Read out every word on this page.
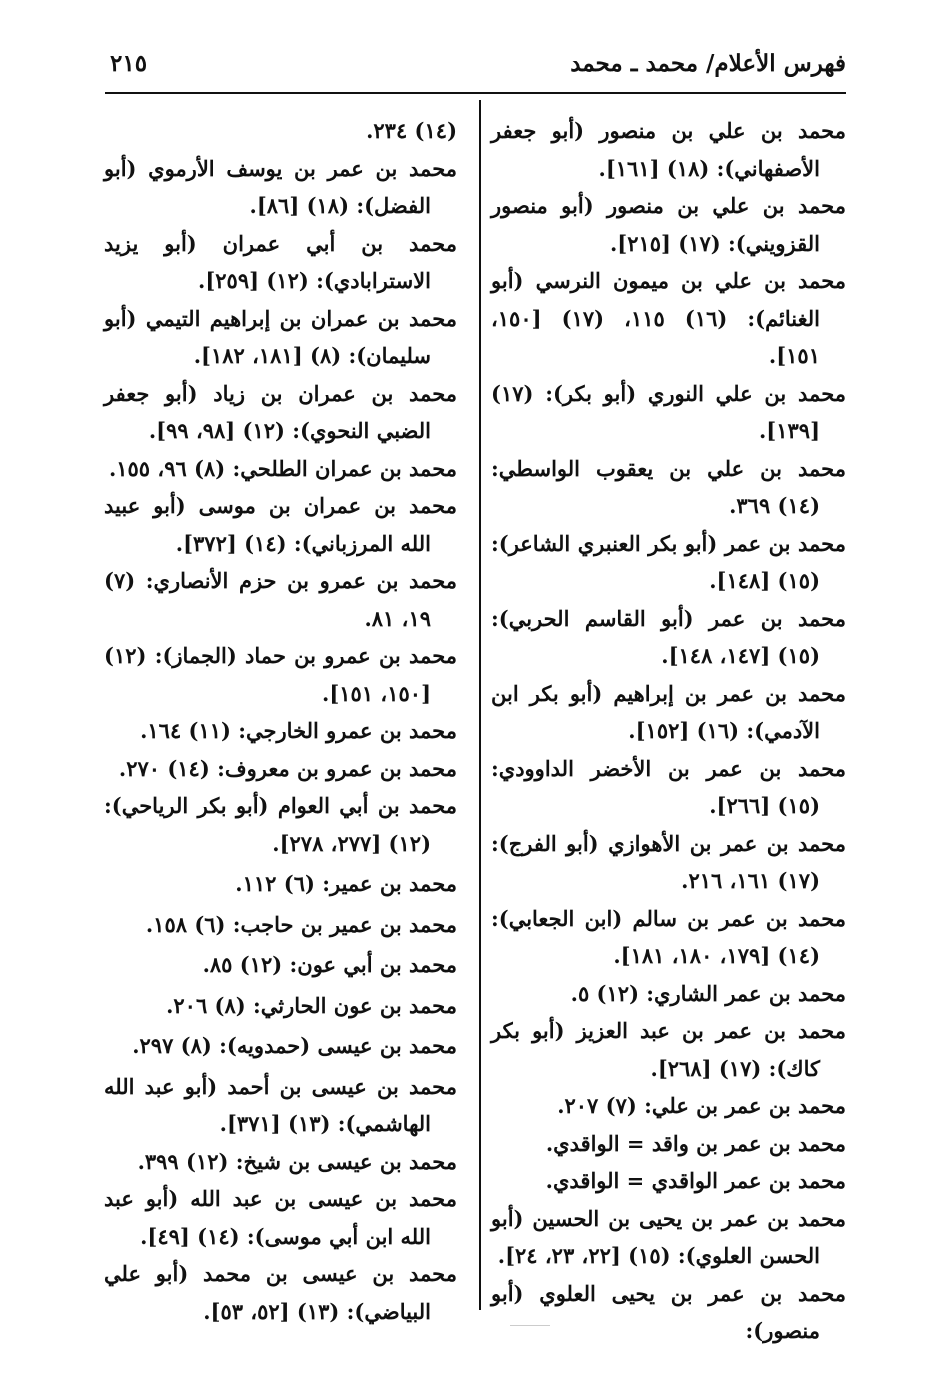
فهرس الأعلام/ محمد ـ محمد
٢١٥
محمد بن علي بن منصور (أبو جعفر الأصفهاني): (١٨) [١٦١].
محمد بن علي بن منصور (أبو منصور القزويني): (١٧) [٢١٥].
محمد بن علي بن ميمون النرسي (أبو الغنائم): (١٦) ١١٥، (١٧) [١٥٠، ١٥١].
محمد بن علي النوري (أبو بكر): (١٧) [١٣٩].
محمد بن علي بن يعقوب الواسطي: (١٤) ٣٦٩.
محمد بن عمر (أبو بكر العنبري الشاعر): (١٥) [١٤٨].
محمد بن عمر (أبو القاسم الحربي): (١٥) [١٤٧، ١٤٨].
محمد بن عمر بن إبراهيم (أبو بكر ابن الآدمي): (١٦) [١٥٢].
محمد بن عمر بن الأخضر الداوودي: (١٥) [٢٦٦].
محمد بن عمر بن الأهوازي (أبو الفرج): (١٧) ١٦١، ٢١٦.
محمد بن عمر بن سالم (ابن الجعابي): (١٤) [١٧٩، ١٨٠، ١٨١].
محمد بن عمر الشاري: (١٢) ٥.
محمد بن عمر بن عبد العزيز (أبو بكر كاك): (١٧) [٢٦٨].
محمد بن عمر بن علي: (٧) ٢٠٧.
محمد بن عمر بن واقد = الواقدي.
محمد بن عمر الواقدي = الواقدي.
محمد بن عمر بن يحيى بن الحسين (أبو الحسن العلوي): (١٥) [٢٢، ٢٣، ٢٤].
محمد بن عمر بن يحيى العلوي (أبو منصور):
(١٤) ٢٣٤.
محمد بن عمر بن يوسف الأرموي (أبو الفضل): (١٨) [٨٦].
محمد بن أبي عمران (أبو يزيد الاسترابادي): (١٢) [٢٥٩].
محمد بن عمران بن إبراهيم التيمي (أبو سليمان): (٨) [١٨١، ١٨٢].
محمد بن عمران بن زياد (أبو جعفر الضبي النحوي): (١٢) [٩٨، ٩٩].
محمد بن عمران الطلحي: (٨) ٩٦، ١٥٥.
محمد بن عمران بن موسى (أبو عبيد الله المرزباني): (١٤) [٣٧٢].
محمد بن عمرو بن حزم الأنصاري: (٧) ١٩، ٨١.
محمد بن عمرو بن حماد (الجماز): (١٢) [١٥٠، ١٥١].
محمد بن عمرو الخارجي: (١١) ١٦٤.
محمد بن عمرو بن معروف: (١٤) ٢٧٠.
محمد بن أبي العوام (أبو بكر الرياحي): (١٢) [٢٧٧، ٢٧٨].
محمد بن عمير: (٦) ١١٢.
محمد بن عمير بن حاجب: (٦) ١٥٨.
محمد بن أبي عون: (١٢) ٨٥.
محمد بن عون الحارثي: (٨) ٢٠٦.
محمد بن عيسى (حمدويه): (٨) ٢٩٧.
محمد بن عيسى بن أحمد (أبو عبد الله الهاشمي): (١٣) [٣٧١].
محمد بن عيسى بن شيخ: (١٢) ٣٩٩.
محمد بن عيسى بن عبد الله (أبو عبد الله ابن أبي موسى): (١٤) [٤٩].
محمد بن عيسى بن محمد (أبو علي البياضي): (١٣) [٥٢، ٥٣].
